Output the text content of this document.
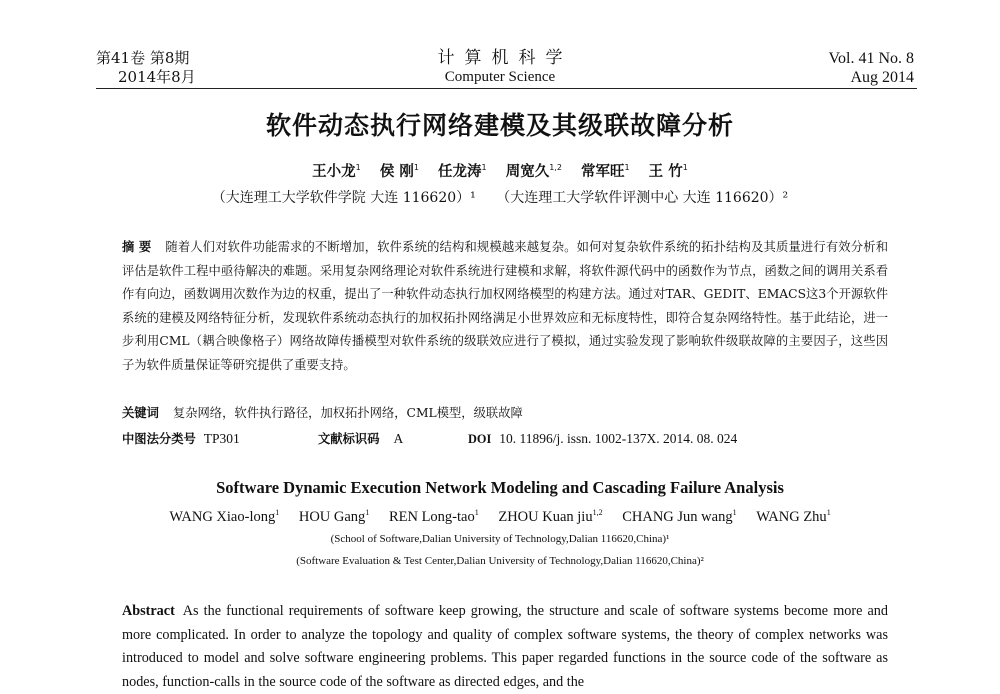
第41卷 第8期
2014年8月
计算机科学
Computer Science
Vol. 41 No. 8
Aug 2014
软件动态执行网络建模及其级联故障分析
王小龙$^1$ 侯 刚$^1$ 任龙涛$^1$ 周宽久$^{1,2}$ 常军旺$^1$ 王 竹$^1$
（大连理工大学软件学院 大连 116620）¹ （大连理工大学软件评测中心 大连 116620）²
摘 要 随着人们对软件功能需求的不断增加，软件系统的结构和规模越来越复杂。如何对复杂软件系统的拓扑结构及其质量进行有效分析和评估是软件工程中亟待解决的难题。采用复杂网络理论对软件系统进行建模和求解，将软件源代码中的函数作为节点，函数之间的调用关系看作有向边，函数调用次数作为边的权重，提出了一种软件动态执行加权网络模型的构建方法。通过对TAR、GEDIT、EMACS这3个开源软件系统的建模及网络特征分析，发现软件系统动态执行的加权拓扑网络满足小世界效应和无标度特性，即符合复杂网络特性。基于此结论，进一步利用CML（耦合映像格子）网络故障传播模型对软件系统的级联效应进行了模拟，通过实验发现了影响软件级联故障的主要因子，这些因子为软件质量保证等研究提供了重要支持。
关键词 复杂网络，软件执行路径，加权拓扑网络，CML模型，级联故障
中图法分类号 TP301	文献标识码 A	DOI 10. 11896/j. issn. 1002-137X. 2014. 08. 024
Software Dynamic Execution Network Modeling and Cascading Failure Analysis
WANG Xiao-long$^1$ HOU Gang$^1$ REN Long-tao$^1$ ZHOU Kuan jiu$^{1,2}$ CHANG Jun wang$^1$ WANG Zhu$^1$
(School of Software,Dalian University of Technology,Dalian 116620,China)¹
(Software Evaluation & Test Center,Dalian University of Technology,Dalian 116620,China)²
Abstract As the functional requirements of software keep growing, the structure and scale of software systems become more and more complicated. In order to analyze the topology and quality of complex software systems, the theory of complex networks was introduced to model and solve software engineering problems. This paper regarded functions in the source code of the software as nodes, function-calls in the source code of the software as directed edges, and the
